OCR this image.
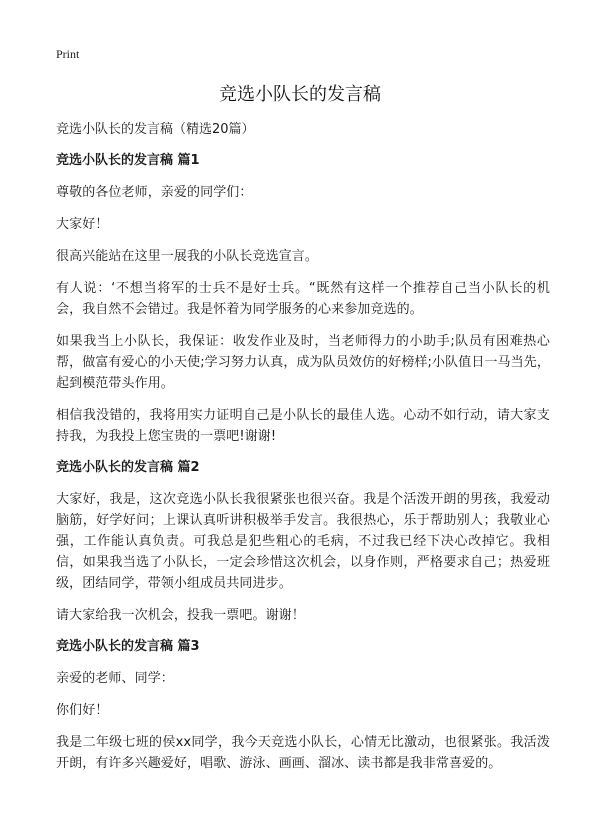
Print
竞选小队长的发言稿

竞选小队长的发言稿（精选20篇）

竞选小队长的发言稿 篇1

尊敬的各位老师，亲爱的同学们：

大家好！

很高兴能站在这里一展我的小队长竞选宣言。

有人说：‘不想当将军的士兵不是好士兵。“既然有这样一个推荐自己当小队长的机会，我自然不会错过。我是怀着为同学服务的心来参加竞选的。

如果我当上小队长，我保证：收发作业及时，当老师得力的小助手;队员有困难热心帮，做富有爱心的小天使;学习努力认真，成为队员效仿的好榜样;小队值日一马当先，起到模范带头作用。

相信我没错的，我将用实力证明自己是小队长的最佳人选。心动不如行动，请大家支持我，为我投上您宝贵的一票吧!谢谢!

竞选小队长的发言稿 篇2

大家好，我是，这次竞选小队长我很紧张也很兴奋。我是个活泼开朗的男孩，我爱动脑筋，好学好问；上课认真听讲积极举手发言。我很热心，乐于帮助别人；我敬业心强，工作能认真负责。可我总是犯些粗心的毛病，不过我已经下决心改掉它。我相信，如果我当选了小队长，一定会珍惜这次机会，以身作则，严格要求自己；热爱班级，团结同学，带领小组成员共同进步。

请大家给我一次机会，投我一票吧。谢谢！

竞选小队长的发言稿 篇3

亲爱的老师、同学：

你们好！

我是二年级七班的侯xx同学，我今天竞选小队长，心情无比激动，也很紧张。我活泼开朗，有许多兴趣爱好，唱歌、游泳、画画、溜冰、读书都是我非常喜爱的。
